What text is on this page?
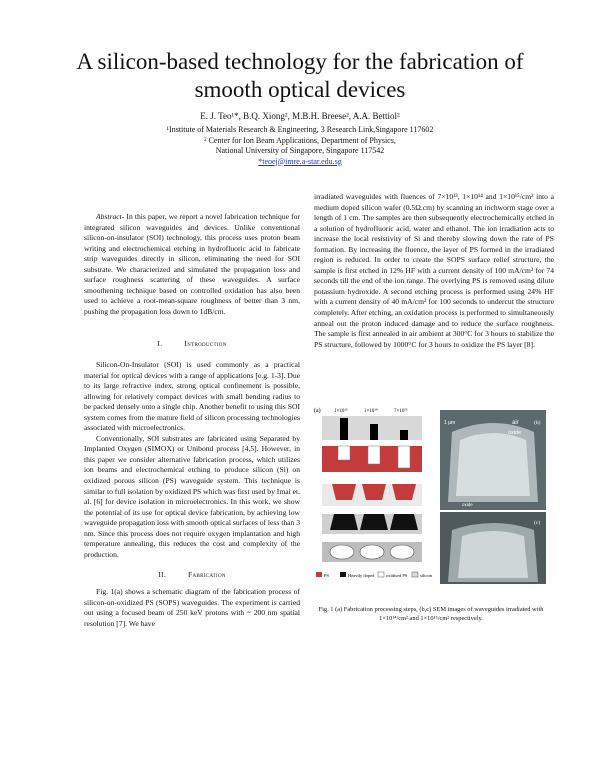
A silicon-based technology for the fabrication of
smooth optical devices
E. J. Teo¹*, B.Q. Xiong², M.B.H. Breese², A.A. Bettiol²
¹Institute of Materials Research & Engineering, 3 Research Link,Singapore 117602
² Center for Ion Beam Applications, Department of Physics,
National University of Singapore, Singapore 117542
*teoej@imre.a-star.edu.sg

Abstract- In this paper, we report a novel fabrication technique for integrated silicon waveguides and devices. Unlike conventional silicon-on-insulator (SOI) technology, this process uses proton beam writing and electrochemical etching in hydrofluoric acid to fabricate strip waveguides directly in silicon, eliminating the need for SOI substrate. We characterized and simulated the propagation loss and surface roughness scattering of these waveguides. A surface smoothening technique based on controlled oxidation has also been used to achieve a root-mean-square roughness of better than 3 nm, pushing the propagation loss down to 1dB/cm.

I.	Introduction

Silicon-On-Insulator (SOI) is used commonly as a practical material for optical devices with a range of applications [e.g. 1-3]. Due to its large refractive index, strong optical confinement is possible, allowing for relatively compact devices with small bending radius to be packed densely onto a single chip. Another benefit to using this SOI system comes from the mature field of silicon processing technologies associated with microelectronics.

Conventionally, SOI substrates are fabricated using Separated by Implanted Oxygen (SIMOX) or Unibond process [4,5]. However, in this paper we consider alternative fabrication process, which utilizes ion beams and electrochemical etching to produce silicon (Si) on oxidized porous silicon (PS) waveguide system. This technique is similar to full isolation by oxidized PS which was first used by Imai et. al. [6] for device isolation in microelectronics. In this work, we show the potential of its use for optical device fabrication, by achieving low waveguide propagation loss with smooth optical surfaces of less than 3 nm. Since this process does not require oxygen implantation and high temperature annealing, this reduces the cost and complexity of the production.

II.	Fabrication

Fig. 1(a) shows a schematic diagram of the fabrication process of silicon-on-oxidized PS (SOPS) waveguides. The experiment is carried out using a focused beam of 250 keV protons with ~ 200 nm spatial resolution [7]. We have

irradiated waveguides with fluences of 7×10¹³, 1×10¹⁴ and 1×10¹⁵/cm² into a medium doped silicon wafer (0.5Ω.cm) by scanning an inchworm stage over a length of 1 cm. The samples are then subsequently electrochemically etched in a solution of hydrofluoric acid, water and ethanol. The ion irradiation acts to increase the local resistivity of Si and thereby slowing down the rate of PS formation. By increasing the fluence, the layer of PS formed in the irradiated region is reduced. In order to create the SOPS surface relief structure, the sample is first etched in 12% HF with a current density of 100 mA/cm² for 74 seconds till the end of the ion range. The overlying PS is removed using dilute potassium hydroxide. A second etching process is performed using 24% HF with a current density of 40 mA/cm² for 100 seconds to undercut the structure completely. After etching, an oxidation process is performed to simultaneously anneal out the proton induced damage and to reduce the surface roughness. The sample is first annealed in air ambient at 300°C for 3 hours to stabilize the PS structure, followed by 1000°C for 3 hours to oxidize the PS layer [8].

(a)	1×10¹⁵	1×10¹⁴	7×10¹³
PS	Heavily doped	oxidised PS	silicon
1 μm	air
oxide
(b)
oxide
(c)
Fig. 1 (a) Fabrication processing steps, (b,c) SEM images of waveguides irradiated with 1×10¹⁴/cm² and 1×10¹⁵/cm² respectively.
